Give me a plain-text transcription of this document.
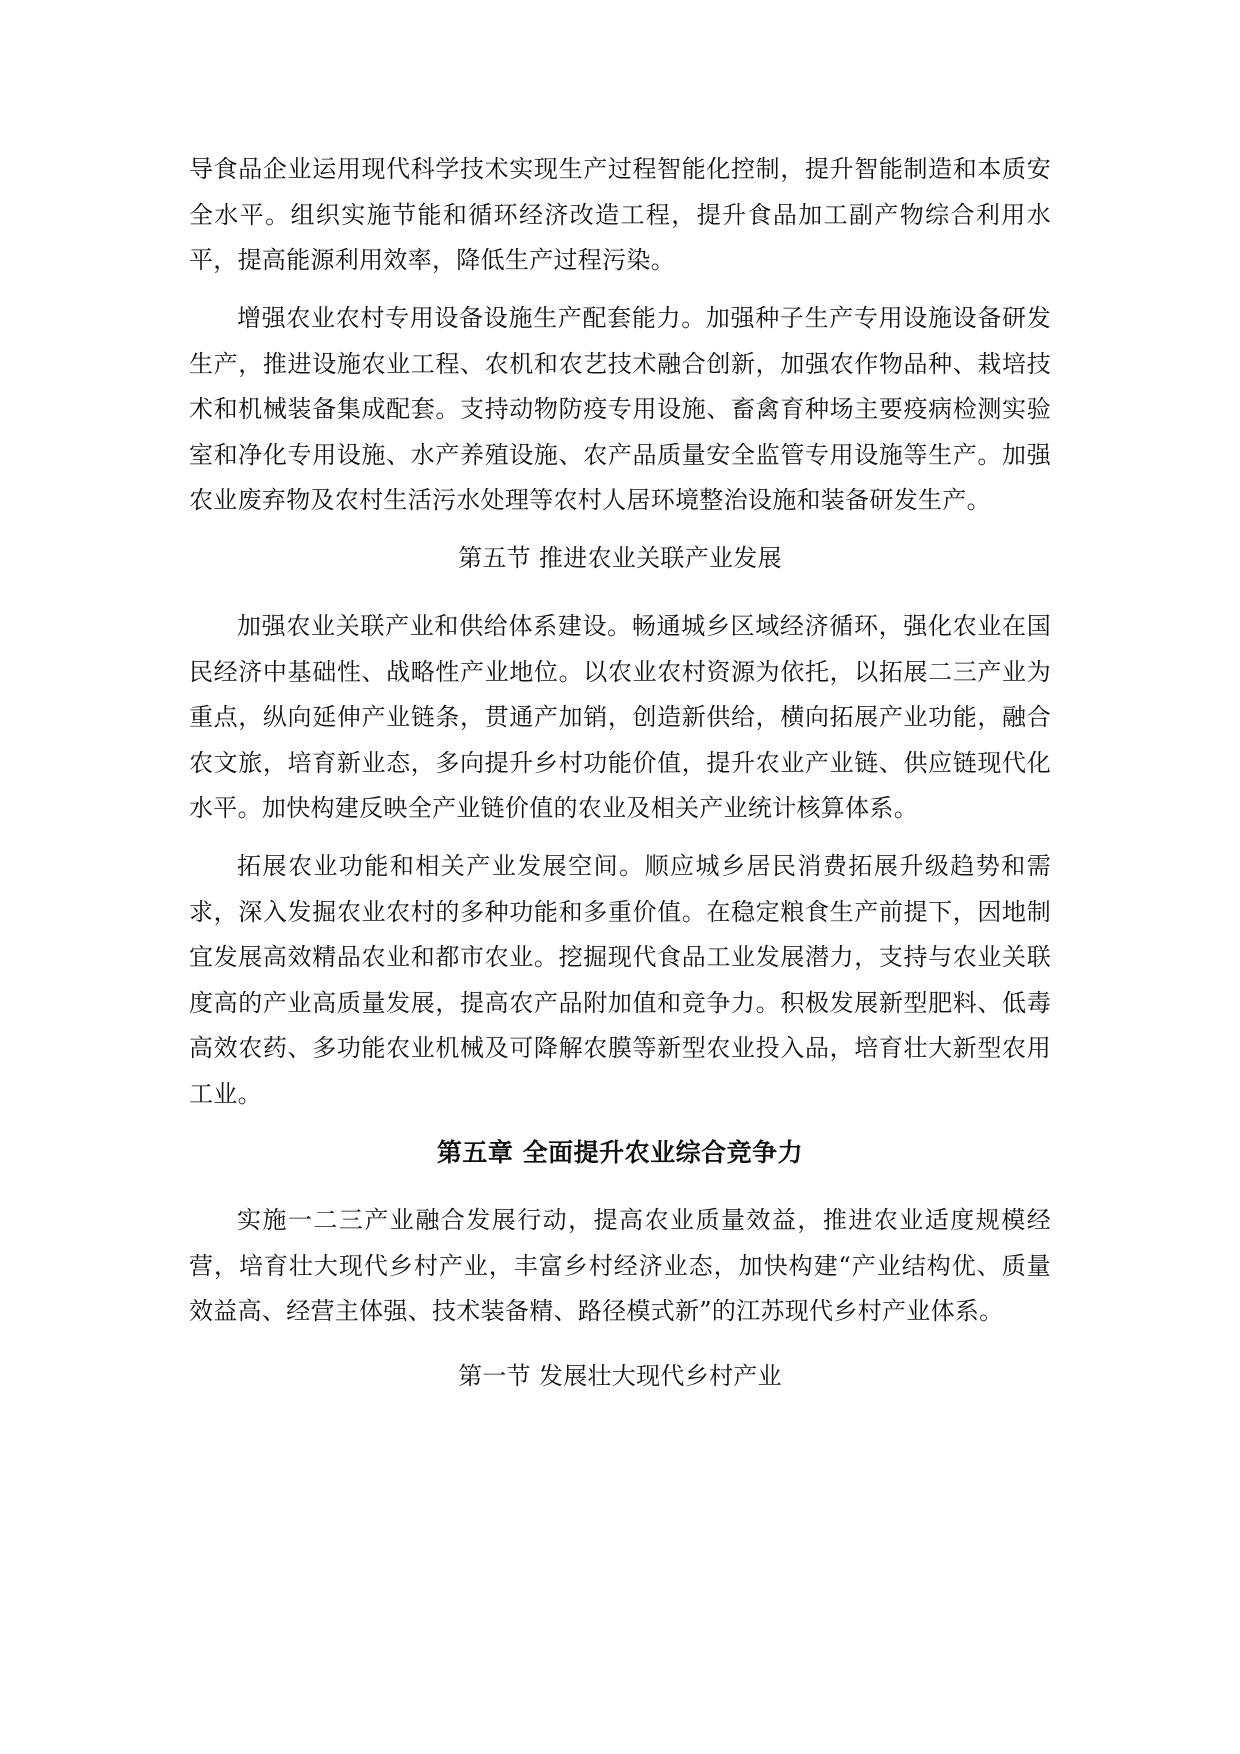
导食品企业运用现代科学技术实现生产过程智能化控制，提升智能制造和本质安全水平。组织实施节能和循环经济改造工程，提升食品加工副产物综合利用水平，提高能源利用效率，降低生产过程污染。

增强农业农村专用设备设施生产配套能力。加强种子生产专用设施设备研发生产，推进设施农业工程、农机和农艺技术融合创新，加强农作物品种、栽培技术和机械装备集成配套。支持动物防疫专用设施、畜禽育种场主要疫病检测实验室和净化专用设施、水产养殖设施、农产品质量安全监管专用设施等生产。加强农业废弃物及农村生活污水处理等农村人居环境整治设施和装备研发生产。

第五节 推进农业关联产业发展

加强农业关联产业和供给体系建设。畅通城乡区域经济循环，强化农业在国民经济中基础性、战略性产业地位。以农业农村资源为依托，以拓展二三产业为重点，纵向延伸产业链条，贯通产加销，创造新供给，横向拓展产业功能，融合农文旅，培育新业态，多向提升乡村功能价值，提升农业产业链、供应链现代化水平。加快构建反映全产业链价值的农业及相关产业统计核算体系。

拓展农业功能和相关产业发展空间。顺应城乡居民消费拓展升级趋势和需求，深入发掘农业农村的多种功能和多重价值。在稳定粮食生产前提下，因地制宜发展高效精品农业和都市农业。挖掘现代食品工业发展潜力，支持与农业关联度高的产业高质量发展，提高农产品附加值和竞争力。积极发展新型肥料、低毒高效农药、多功能农业机械及可降解农膜等新型农业投入品，培育壮大新型农用工业。

第五章 全面提升农业综合竞争力

实施一二三产业融合发展行动，提高农业质量效益，推进农业适度规模经营，培育壮大现代乡村产业，丰富乡村经济业态，加快构建“产业结构优、质量效益高、经营主体强、技术装备精、路径模式新”的江苏现代乡村产业体系。

第一节 发展壮大现代乡村产业
